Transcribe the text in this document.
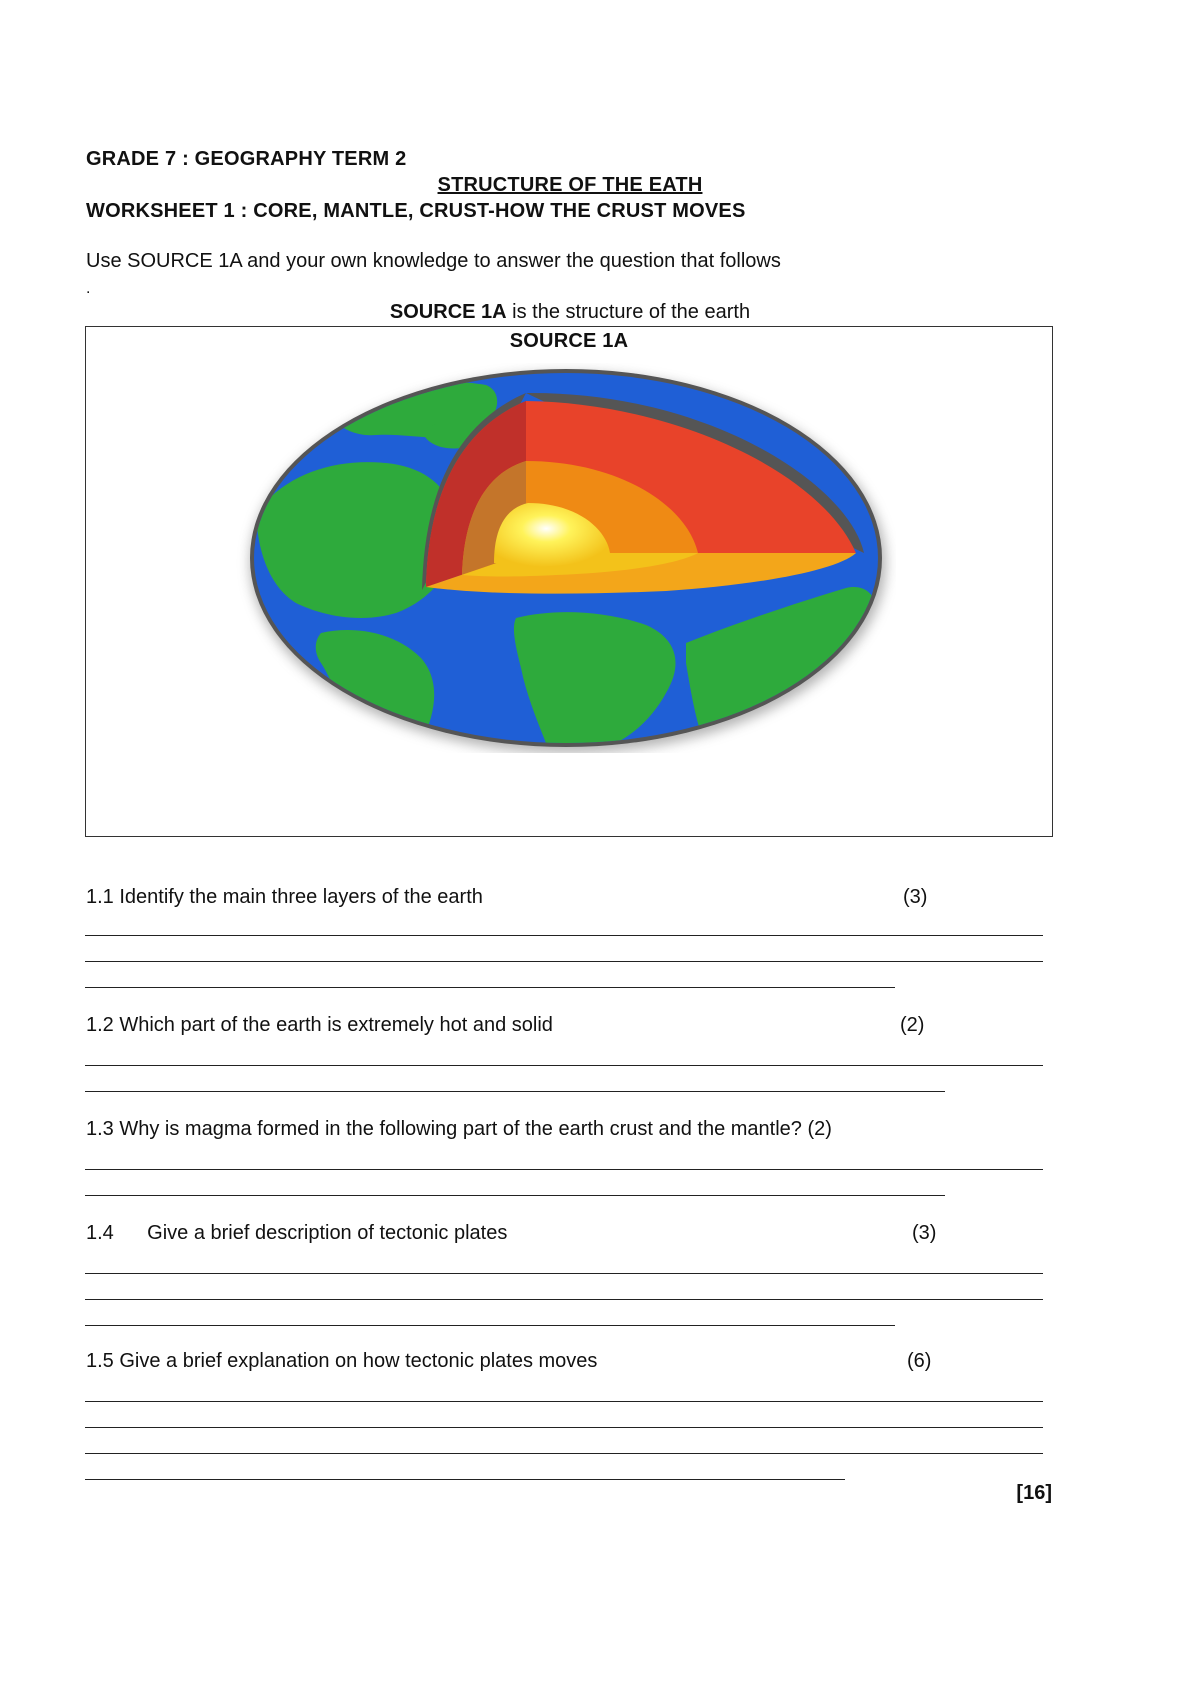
GRADE 7 : GEOGRAPHY TERM 2
STRUCTURE OF THE EATH
WORKSHEET 1 : CORE, MANTLE, CRUST-HOW THE CRUST MOVES
Use SOURCE 1A and your own knowledge to answer the question that follows
.
SOURCE 1A is the structure of the earth
SOURCE 1A
1.1 Identify the main three layers of the earth	(3)
1.2 Which part of the earth is extremely hot and solid	(2)
1.3 Why is magma formed in the following part of the earth crust and the mantle? (2)
1.4      Give a brief description of tectonic plates	(3)
1.5 Give a brief explanation on how tectonic plates moves	(6)
[16]
